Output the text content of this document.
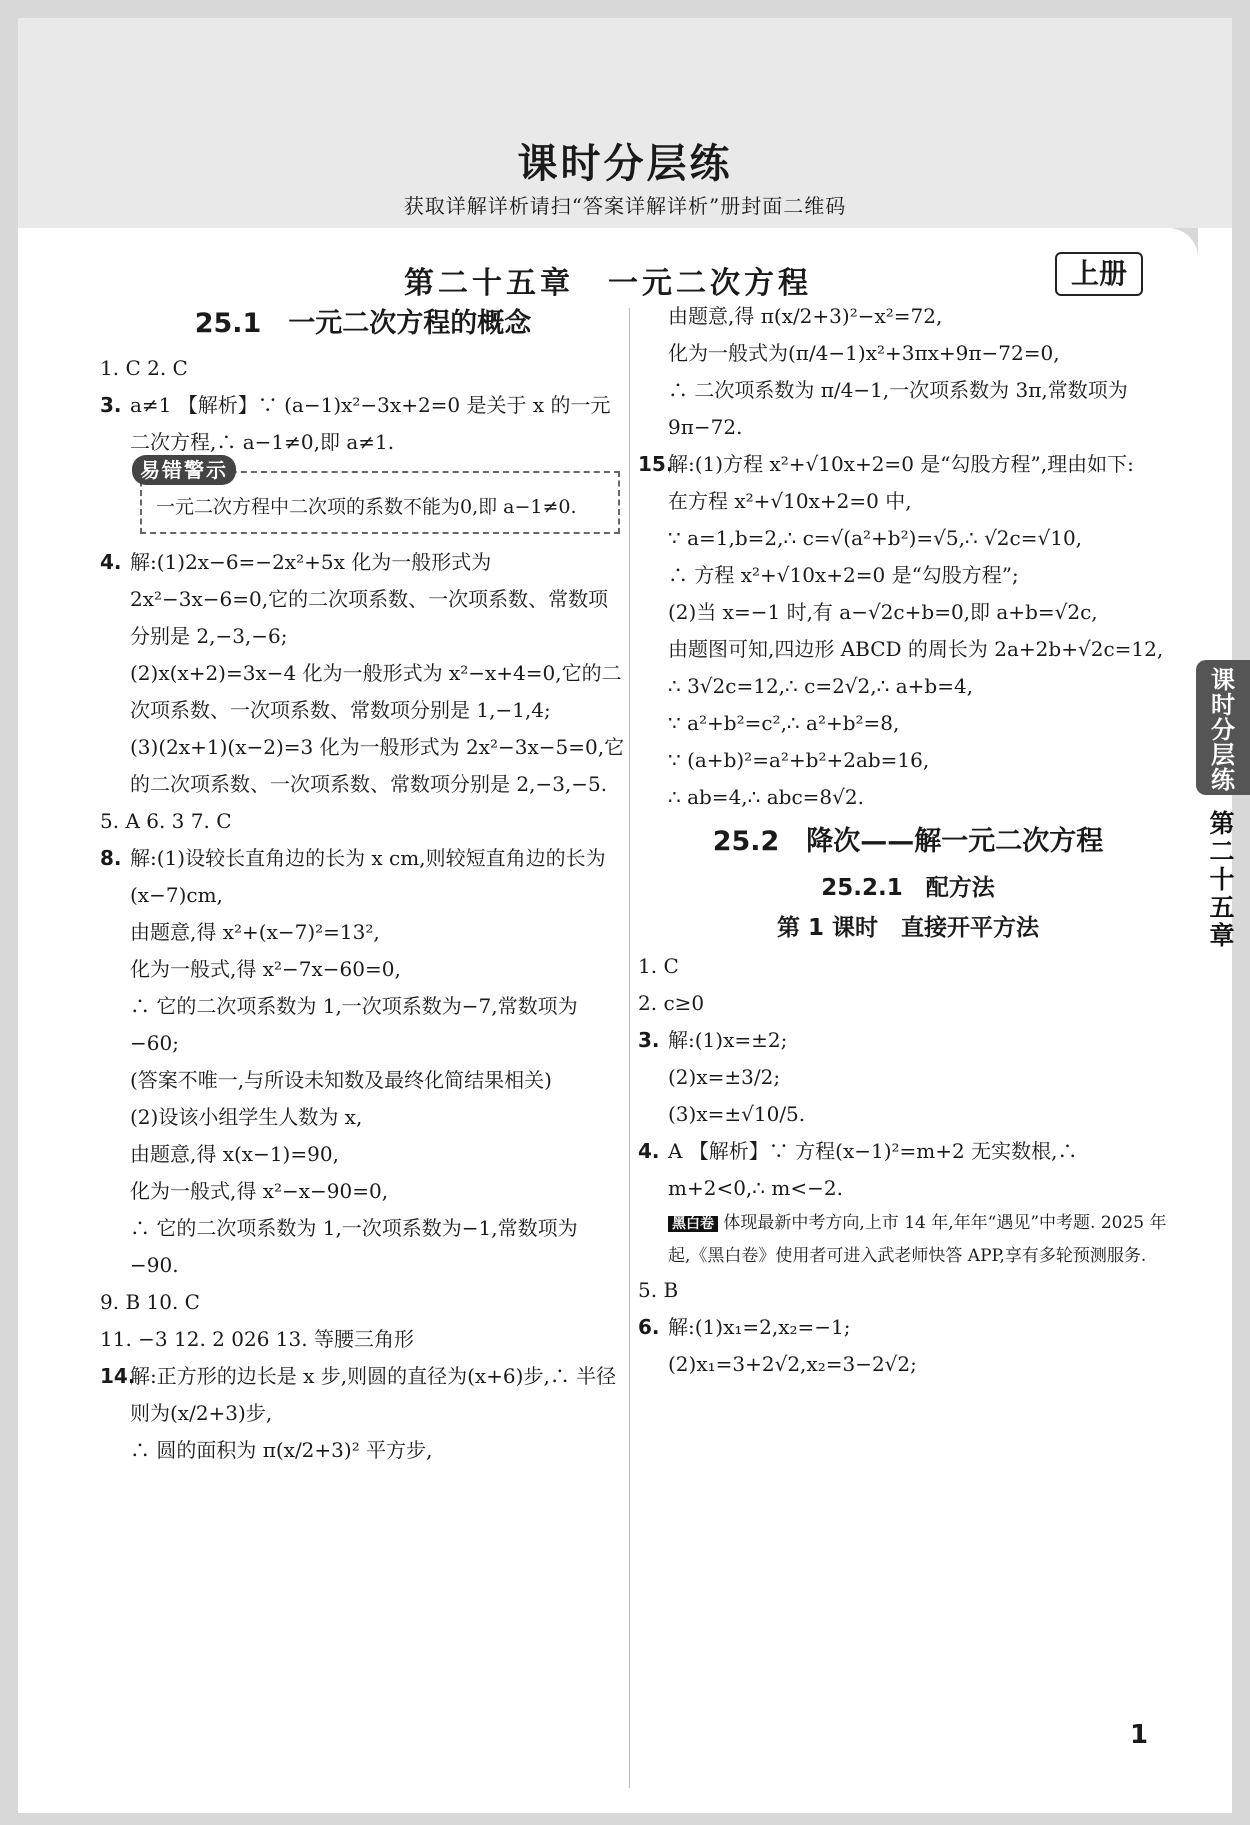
课时分层练
获取详解详析请扫“答案详解详析”册封面二维码
第二十五章　一元二次方程	上册
25.1　一元二次方程的概念
1. C 2. C
3. a≠1 【解析】∵ (a−1)x²−3x+2=0 是关于 x 的一元二次方程,∴ a−1≠0,即 a≠1.
易错警示
一元二次方程中二次项的系数不能为0,即 a−1≠0.
4. 解:(1)2x−6=−2x²+5x 化为一般形式为 2x²−3x−6=0,它的二次项系数、一次项系数、常数项分别是 2,−3,−6;
(2)x(x+2)=3x−4 化为一般形式为 x²−x+4=0,它的二次项系数、一次项系数、常数项分别是 1,−1,4;
(3)(2x+1)(x−2)=3 化为一般形式为 2x²−3x−5=0,它的二次项系数、一次项系数、常数项分别是 2,−3,−5.
5. A 6. 3 7. C
8. 解:(1)设较长直角边的长为 x cm,则较短直角边的长为(x−7)cm,
由题意,得 x²+(x−7)²=13²,
化为一般式,得 x²−7x−60=0,
∴ 它的二次项系数为 1,一次项系数为−7,常数项为−60;
(答案不唯一,与所设未知数及最终化简结果相关)
(2)设该小组学生人数为 x,
由题意,得 x(x−1)=90,
化为一般式,得 x²−x−90=0,
∴ 它的二次项系数为 1,一次项系数为−1,常数项为−90.
9. B 10. C
11. −3 12. 2 026 13. 等腰三角形
14.
解:正方形的边长是 x 步,则圆的直径为(x+6)步,∴ 半径则为(x/2+3)步,
∴ 圆的面积为 π(x/2+3)² 平方步,
由题意,得 π(x/2+3)²−x²=72,
化为一般式为(π/4−1)x²+3πx+9π−72=0,
∴ 二次项系数为 π/4−1,一次项系数为 3π,常数项为 9π−72.
15.
解:(1)方程 x²+√10x+2=0 是“勾股方程”,理由如下:
在方程 x²+√10x+2=0 中,
∵ a=1,b=2,∴ c=√(a²+b²)=√5,∴ √2c=√10,
∴ 方程 x²+√10x+2=0 是“勾股方程”;
(2)当 x=−1 时,有 a−√2c+b=0,即 a+b=√2c,
由题图可知,四边形 ABCD 的周长为 2a+2b+√2c=12,
∴ 3√2c=12,∴ c=2√2,∴ a+b=4,
∵ a²+b²=c²,∴ a²+b²=8,
∵ (a+b)²=a²+b²+2ab=16,
∴ ab=4,∴ abc=8√2.
25.2　降次——解一元二次方程
25.2.1　配方法
第 1 课时　直接开平方法
1. C
2. c≥0
3. 解:(1)x=±2;
(2)x=±3/2;
(3)x=±√10/5.
4. A 【解析】∵ 方程(x−1)²=m+2 无实数根,∴ m+2<0,∴ m<−2.
黑白卷 体现最新中考方向,上市 14 年,年年“遇见”中考题. 2025 年起,《黑白卷》使用者可进入武老师快答 APP,享有多轮预测服务.
5. B
6. 解:(1)x₁=2,x₂=−1;
(2)x₁=3+2√2,x₂=3−2√2;
1
课
时
分
层
练
第
二
十
五
章
